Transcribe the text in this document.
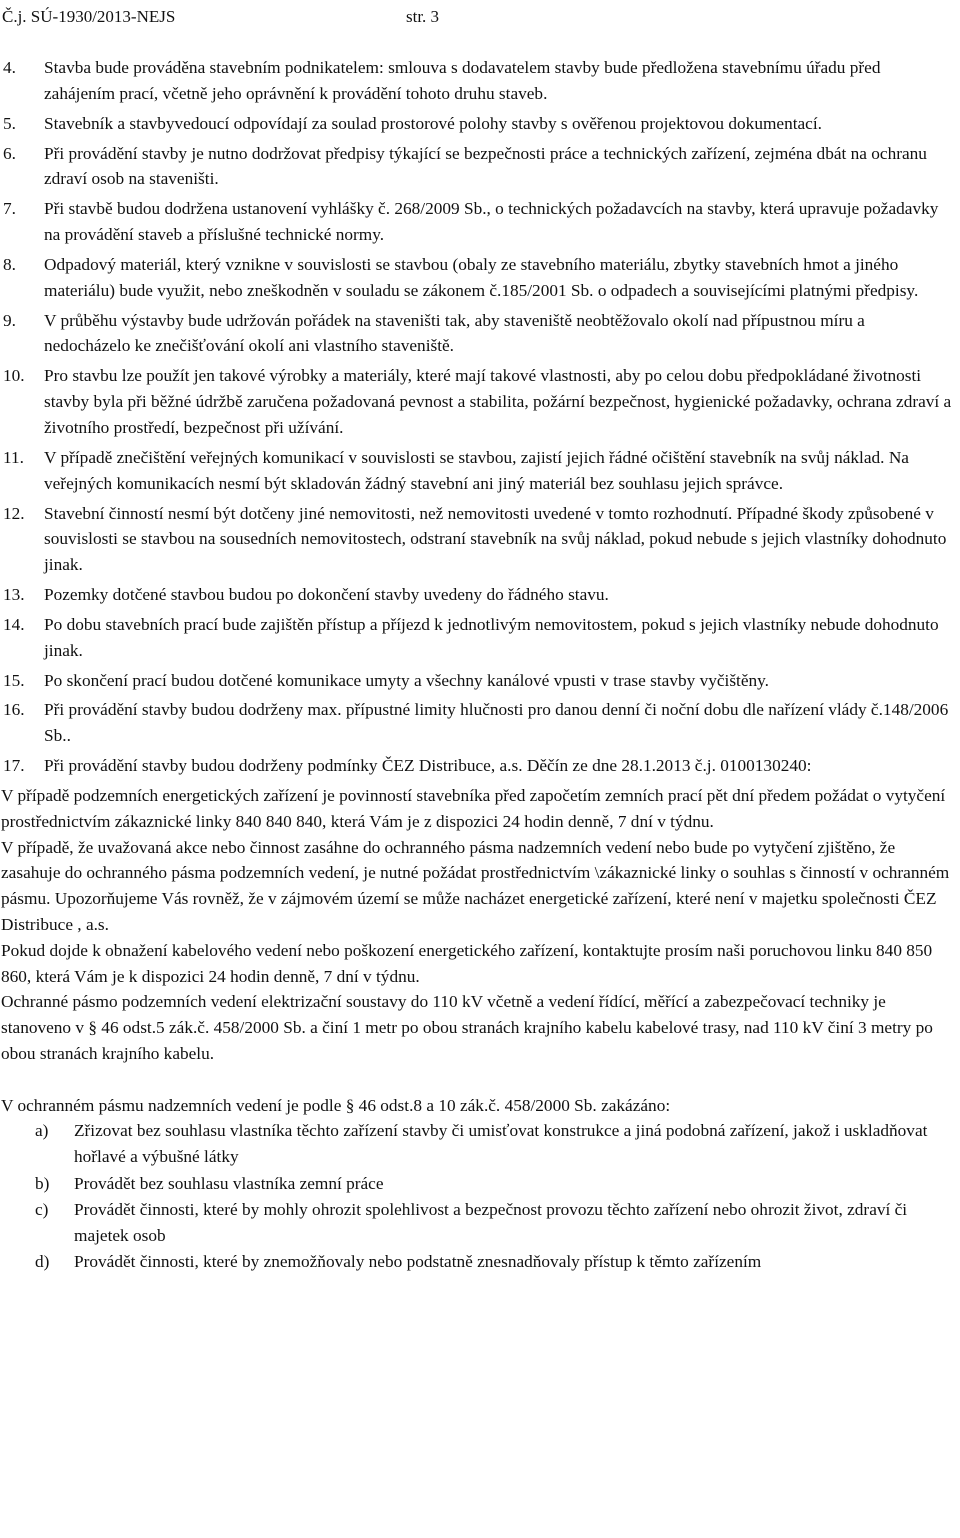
Č.j. SÚ-1930/2013-NEJS	str. 3
4. Stavba bude prováděna stavebním podnikatelem: smlouva s dodavatelem stavby bude předložena stavebnímu úřadu před zahájením prací, včetně jeho oprávnění k provádění tohoto druhu staveb.
5. Stavebník a stavbyvedoucí odpovídají za soulad prostorové polohy stavby s ověřenou projektovou dokumentací.
6. Při provádění stavby je nutno dodržovat předpisy týkající se bezpečnosti práce a technických zařízení, zejména dbát na ochranu zdraví osob na staveništi.
7. Při stavbě budou dodržena ustanovení vyhlášky č. 268/2009 Sb., o technických požadavcích na stavby, která upravuje požadavky na provádění staveb a příslušné technické normy.
8. Odpadový materiál, který vznikne v souvislosti se stavbou (obaly ze stavebního materiálu, zbytky stavebních hmot a jiného materiálu) bude využit, nebo zneškodněn v souladu se zákonem č.185/2001 Sb. o odpadech a souvisejícími platnými předpisy.
9. V průběhu výstavby bude udržován pořádek na staveništi tak, aby staveniště neobtěžovalo okolí nad přípustnou míru a nedocházelo ke znečišťování okolí ani vlastního staveniště.
10. Pro stavbu lze použít jen takové výrobky a materiály, které mají takové vlastnosti, aby po celou dobu předpokládané životnosti stavby byla při běžné údržbě zaručena požadovaná pevnost a stabilita, požární bezpečnost, hygienické požadavky, ochrana zdraví a životního prostředí, bezpečnost při užívání.
11. V případě znečištění veřejných komunikací v souvislosti se stavbou, zajistí jejich řádné očištění stavebník na svůj náklad. Na veřejných komunikacích nesmí být skladován žádný stavební ani jiný materiál bez souhlasu jejich správce.
12. Stavební činností nesmí být dotčeny jiné nemovitosti, než nemovitosti uvedené v tomto rozhodnutí. Případné škody způsobené v souvislosti se stavbou na sousedních nemovitostech, odstraní stavebník na svůj náklad, pokud nebude s jejich vlastníky dohodnuto jinak.
13. Pozemky dotčené stavbou budou po dokončení stavby uvedeny do řádného stavu.
14. Po dobu stavebních prací bude zajištěn přístup a příjezd k jednotlivým nemovitostem, pokud s jejich vlastníky nebude dohodnuto jinak.
15. Po skončení prací budou dotčené komunikace umyty a všechny kanálové vpusti v trase stavby vyčištěny.
16. Při provádění stavby budou dodrženy max. přípustné limity hlučnosti pro danou denní či noční dobu dle nařízení vlády č.148/2006 Sb..
17. Při provádění stavby budou dodrženy podmínky ČEZ Distribuce, a.s. Děčín ze dne 28.1.2013 č.j. 0100130240:

V případě podzemních energetických zařízení je povinností stavebníka před započetím zemních prací pět dní předem požádat o vytyčení prostřednictvím zákaznické linky 840 840 840, která Vám je z dispozici 24 hodin denně, 7 dní v týdnu.

V případě, že uvažovaná akce nebo činnost zasáhne do ochranného pásma nadzemních vedení nebo bude po vytyčení zjištěno, že zasahuje do ochranného pásma podzemních vedení, je nutné požádat prostřednictvím \zákaznické linky o souhlas s činností v ochranném pásmu. Upozorňujeme Vás rovněž, že v zájmovém území se může nacházet energetické zařízení, které není v majetku společnosti ČEZ Distribuce , a.s.

Pokud dojde k obnažení kabelového vedení nebo poškození energetického zařízení, kontaktujte prosím naši poruchovou linku 840 850 860, která Vám je k dispozici 24 hodin denně, 7 dní v týdnu.

Ochranné pásmo podzemních vedení elektrizační soustavy do 110 kV včetně a vedení řídící, měřící a zabezpečovací techniky je stanoveno v § 46 odst.5 zák.č. 458/2000 Sb. a činí 1 metr po obou stranách krajního kabelu kabelové trasy, nad 110 kV činí 3 metry po obou stranách krajního kabelu.

V ochranném pásmu nadzemních vedení je podle § 46 odst.8 a 10 zák.č. 458/2000 Sb. zakázáno:

a) Zřizovat bez souhlasu vlastníka těchto zařízení stavby či umisťovat konstrukce a jiná podobná zařízení, jakož i uskladňovat hořlavé a výbušné látky
b) Provádět bez souhlasu vlastníka zemní práce
c) Provádět činnosti, které by mohly ohrozit spolehlivost a bezpečnost provozu těchto zařízení nebo ohrozit život, zdraví či majetek osob
d) Provádět činnosti, které by znemožňovaly nebo podstatně znesnadňovaly přístup k těmto zařízením
